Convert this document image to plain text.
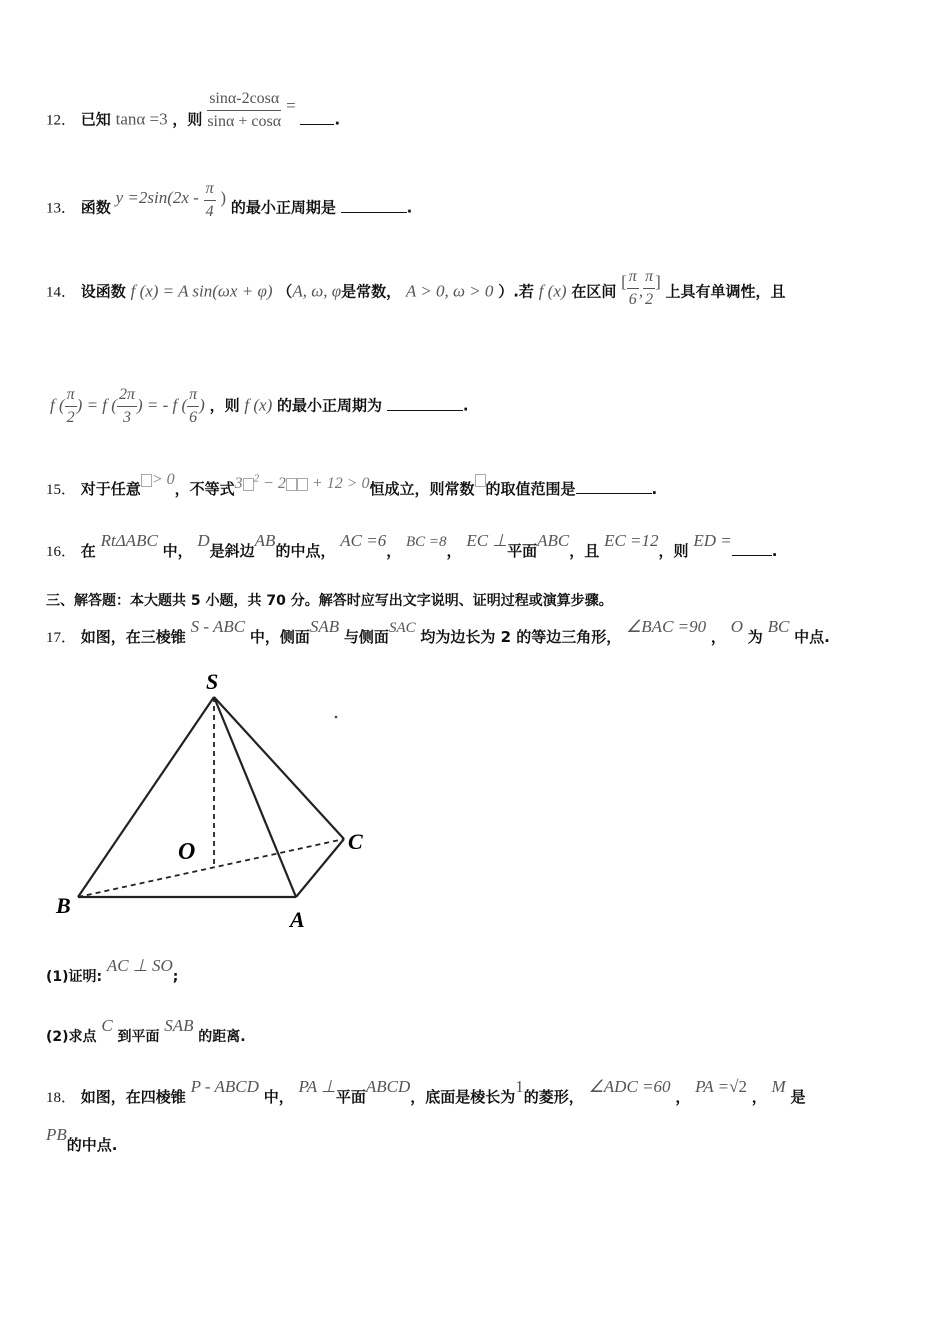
12． 已知 tanα =3 ，则 $\frac{\sin\alpha-2\cos\alpha}{\sin\alpha + \cos\alpha}$ = .
13． 函数 $y =2\sin(2x - \frac{\pi}{4}$ ) 的最小正周期是	.
14． 设函数 f (x) = A sin(ωx + φ) （A, ω, φ是常数， A > 0, ω > 0 ）.若 f (x) 在区间 [ $\frac{\pi}{6}$ , $\frac{\pi}{2}$ ] 上具有单调性，且
f ( $\frac{\pi}{2}$ ) = f ( $\frac{2\pi}{3}$ ) = - f ( $\frac{\pi}{6}$ ) ，则 f (x) 的最小正周期为	.
15． 对于任意> 0，不等式3 $^2$ − 2 + 12 > 0恒成立，则常数 的取值范围是	.
16． 在 RtΔABC 中， D是斜边AB的中点， AC =6， BC =8， EC ⊥平面ABC，且 EC =12，则 ED =.
三、解答题：本大题共 5 小题，共 70 分。解答时应写出文字说明、证明过程或演算步骤。
17． 如图，在三棱锥 S - ABC 中，侧面SAB 与侧面SAC 均为边长为 2 的等边三角形， ∠BAC =90 ， O 为 BC 中点.
S
O	C
B
A
(1)证明: AC ⊥ SO;
(2)求点 C 到平面 SAB 的距离.
18． 如图，在四棱锥 P - ABCD 中， PA ⊥平面ABCD，底面是棱长为1的菱形， ∠ADC =60 ， PA =√2 ， M 是
PB的中点.
